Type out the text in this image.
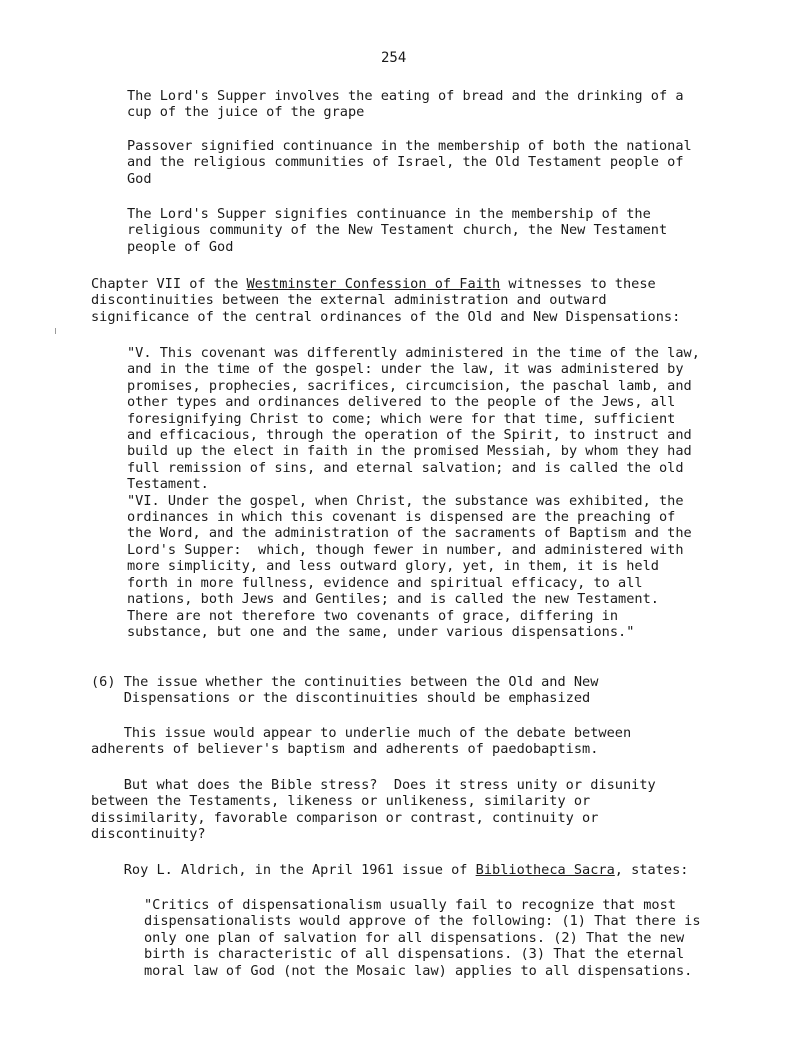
254
The Lord's Supper involves the eating of bread and the drinking of a
cup of the juice of the grape
Passover signified continuance in the membership of both the national
and the religious communities of Israel, the Old Testament people of
God
The Lord's Supper signifies continuance in the membership of the
religious community of the New Testament church, the New Testament
people of God
Chapter VII of the Westminster Confession of Faith witnesses to these
discontinuities between the external administration and outward
significance of the central ordinances of the Old and New Dispensations:
"V. This covenant was differently administered in the time of the law,
and in the time of the gospel: under the law, it was administered by
promises, prophecies, sacrifices, circumcision, the paschal lamb, and
other types and ordinances delivered to the people of the Jews, all
foresignifying Christ to come; which were for that time, sufficient
and efficacious, through the operation of the Spirit, to instruct and
build up the elect in faith in the promised Messiah, by whom they had
full remission of sins, and eternal salvation; and is called the old
Testament.
"VI. Under the gospel, when Christ, the substance was exhibited, the
ordinances in which this covenant is dispensed are the preaching of
the Word, and the administration of the sacraments of Baptism and the
Lord's Supper:  which, though fewer in number, and administered with
more simplicity, and less outward glory, yet, in them, it is held
forth in more fullness, evidence and spiritual efficacy, to all
nations, both Jews and Gentiles; and is called the new Testament.
There are not therefore two covenants of grace, differing in
substance, but one and the same, under various dispensations."
(6) The issue whether the continuities between the Old and New
Dispensations or the discontinuities should be emphasized
This issue would appear to underlie much of the debate between
adherents of believer's baptism and adherents of paedobaptism.
But what does the Bible stress?  Does it stress unity or disunity
between the Testaments, likeness or unlikeness, similarity or
dissimilarity, favorable comparison or contrast, continuity or
discontinuity?
Roy L. Aldrich, in the April 1961 issue of Bibliotheca Sacra, states:
"Critics of dispensationalism usually fail to recognize that most
dispensationalists would approve of the following: (1) That there is
only one plan of salvation for all dispensations. (2) That the new
birth is characteristic of all dispensations. (3) That the eternal
moral law of God (not the Mosaic law) applies to all dispensations.
